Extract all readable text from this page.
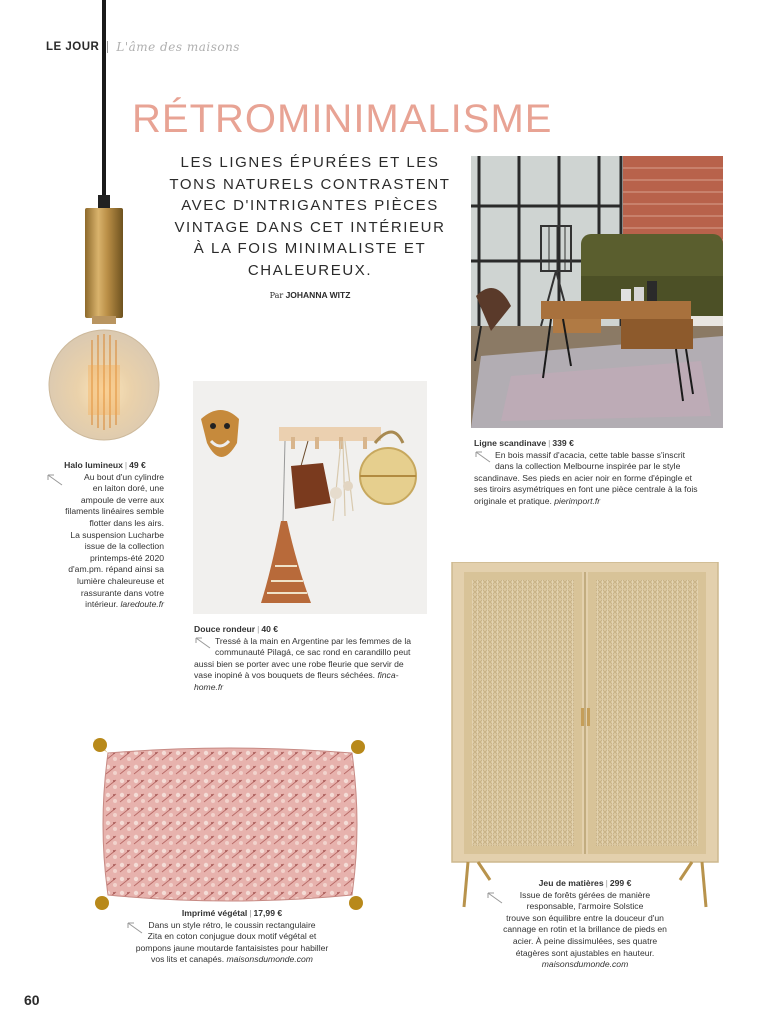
LE JOUR L'âme des maisons
RÉTROMINIMALISME
LES LIGNES ÉPURÉES ET LES
TONS NATURELS CONTRASTENT
AVEC D'INTRIGANTES PIÈCES
VINTAGE DANS CET INTÉRIEUR
À LA FOIS MINIMALISTE ET
CHALEUREUX.
Par JOHANNA WITZ
Ligne scandinave | 339 €
En bois massif d'acacia, cette table basse s'inscrit
dans la collection Melbourne inspirée par le style
scandinave. Ses pieds en acier noir en forme d'épingle et
ses tiroirs asymétriques en font une pièce centrale à la fois
originale et pratique. pierimport.fr
Halo lumineux | 49 €
Au bout d'un cylindre
en laiton doré, une
ampoule de verre aux
filaments linéaires semble
flotter dans les airs.
La suspension Lucharbe
issue de la collection
printemps-été 2020
d'am.pm. répand ainsi sa
lumière chaleureuse et
rassurante dans votre
intérieur. laredoute.fr
Douce rondeur | 40 €
Tressé à la main en Argentine par les femmes de la
communauté Pilagá, ce sac rond en carandillo peut
aussi bien se porter avec une robe fleurie que servir de
vase inopiné à vos bouquets de fleurs séchées. finca-
home.fr
Jeu de matières | 299 €
Issue de forêts gérées de manière
responsable, l'armoire Solstice
trouve son équilibre entre la douceur d'un
cannage en rotin et la brillance de pieds en
acier. À peine dissimulées, ses quatre
étagères sont ajustables en hauteur.
maisonsdumonde.com
Imprimé végétal | 17,99 €
Dans un style rétro, le coussin rectangulaire
Zita en coton conjugue doux motif végétal et
pompons jaune moutarde fantaisistes pour habiller
vos lits et canapés. maisonsdumonde.com
60
